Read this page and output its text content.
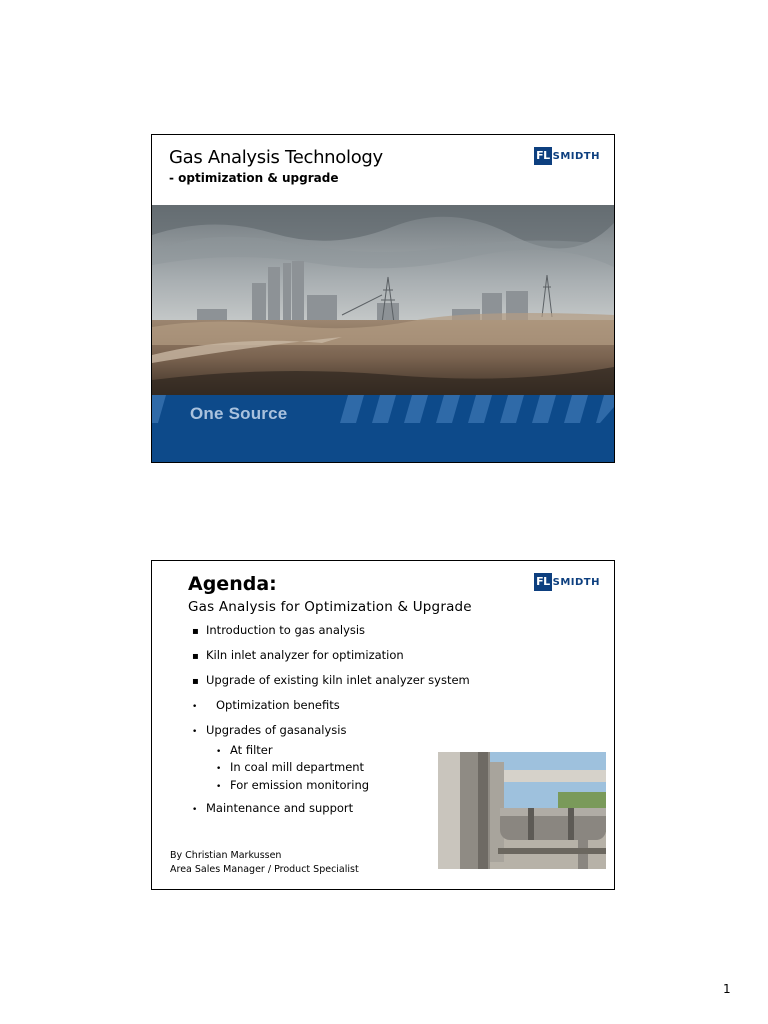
Gas Analysis Technology
- optimization & upgrade
FL SMIDTH
One Source
Agenda:
Gas Analysis for Optimization & Upgrade
FL SMIDTH
▪Introduction to gas analysis
▪Kiln inlet analyzer for optimization
▪Upgrade of existing kiln inlet analyzer system
•Optimization benefits
•Upgrades of gasanalysis
•At filter
•In coal mill department
•For emission monitoring
•Maintenance and support
By Christian Markussen
Area Sales Manager / Product Specialist
1
